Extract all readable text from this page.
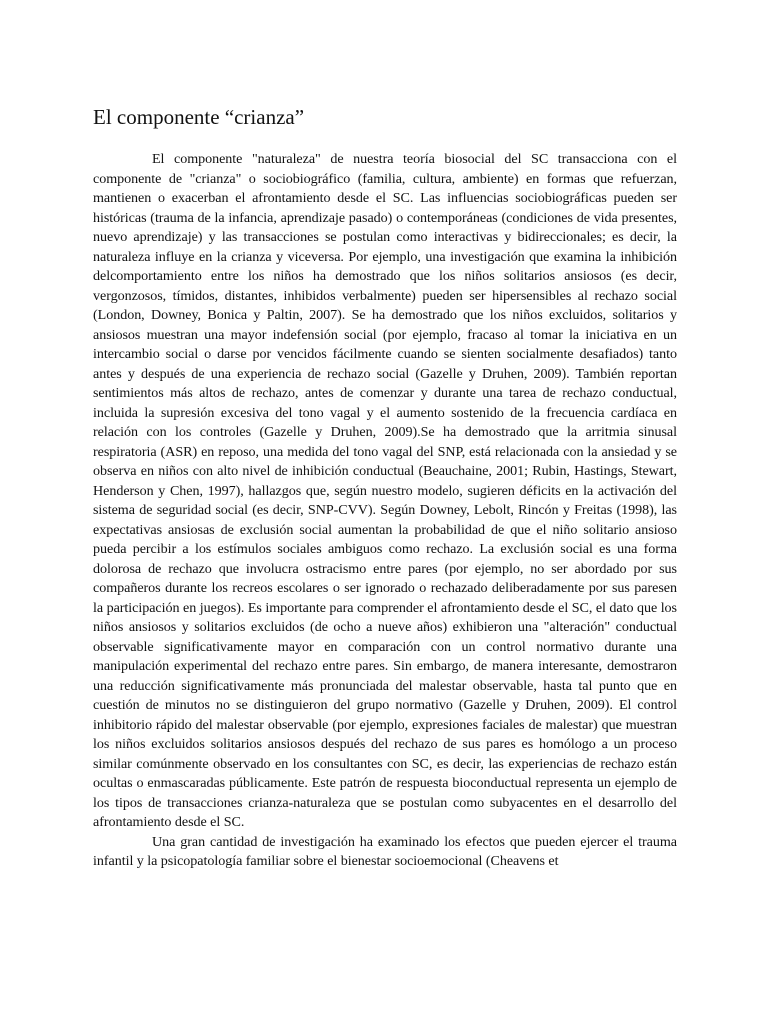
El componente “crianza”

El componente "naturaleza" de nuestra teoría biosocial del SC transacciona con el componente de "crianza" o sociobiográfico (familia, cultura, ambiente) en formas que refuerzan, mantienen o exacerban el afrontamiento desde el SC. Las influencias sociobiográficas pueden ser históricas (trauma de la infancia, aprendizaje pasado) o contemporáneas (condiciones de vida presentes, nuevo aprendizaje) y las transacciones se postulan como interactivas y bidireccionales; es decir, la naturaleza influye en la crianza y viceversa. Por ejemplo, una investigación que examina la inhibición delcomportamiento entre los niños ha demostrado que los niños solitarios ansiosos (es decir, vergonzosos, tímidos, distantes, inhibidos verbalmente) pueden ser hipersensibles al rechazo social (London, Downey, Bonica y Paltin, 2007). Se ha demostrado que los niños excluidos, solitarios y ansiosos muestran una mayor indefensión social (por ejemplo, fracaso al tomar la iniciativa en un intercambio social o darse por vencidos fácilmente cuando se sienten socialmente desafiados) tanto antes y después de una experiencia de rechazo social (Gazelle y Druhen, 2009). También reportan sentimientos más altos de rechazo, antes de comenzar y durante una tarea de rechazo conductual, incluida la supresión excesiva del tono vagal y el aumento sostenido de la frecuencia cardíaca en relación con los controles (Gazelle y Druhen, 2009).Se ha demostrado que la arritmia sinusal respiratoria (ASR) en reposo, una medida del tono vagal del SNP, está relacionada con la ansiedad y se observa en niños con alto nivel de inhibición conductual (Beauchaine, 2001; Rubin, Hastings, Stewart, Henderson y Chen, 1997), hallazgos que, según nuestro modelo, sugieren déficits en la activación del sistema de seguridad social (es decir, SNP-CVV). Según Downey, Lebolt, Rincón y Freitas (1998), las expectativas ansiosas de exclusión social aumentan la probabilidad de que el niño solitario ansioso pueda percibir a los estímulos sociales ambiguos como rechazo. La exclusión social es una forma dolorosa de rechazo que involucra ostracismo entre pares (por ejemplo, no ser abordado por sus compañeros durante los recreos escolares o ser ignorado o rechazado deliberadamente por sus paresen la participación en juegos). Es importante para comprender el afrontamiento desde el SC, el dato que los niños ansiosos y solitarios excluidos (de ocho a nueve años) exhibieron una "alteración" conductual observable significativamente mayor en comparación con un control normativo durante una manipulación experimental del rechazo entre pares. Sin embargo, de manera interesante, demostraron una reducción significativamente más pronunciada del malestar observable, hasta tal punto que en cuestión de minutos no se distinguieron del grupo normativo (Gazelle y Druhen, 2009). El control inhibitorio rápido del malestar observable (por ejemplo, expresiones faciales de malestar) que muestran los niños excluidos solitarios ansiosos después del rechazo de sus pares es homólogo a un proceso similar comúnmente observado en los consultantes con SC, es decir, las experiencias de rechazo están ocultas o enmascaradas públicamente. Este patrón de respuesta bioconductual representa un ejemplo de los tipos de transacciones crianza-naturaleza que se postulan como subyacentes en el desarrollo del afrontamiento desde el SC.

Una gran cantidad de investigación ha examinado los efectos que pueden ejercer el trauma infantil y la psicopatología familiar sobre el bienestar socioemocional (Cheavens et
